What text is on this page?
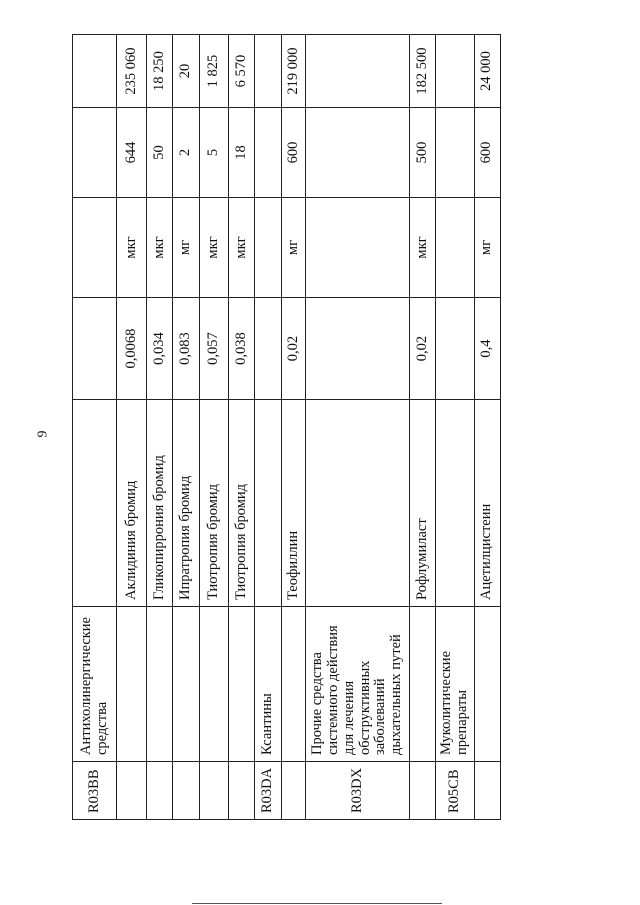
9
R03BB	Антихолинергические средства					
		Аклидиния бромид	0,0068	мкг	644	235 060
		Гликопиррония бромид	0,034	мкг	50	18 250
		Ипратропия бромид	0,083	мг	2	20
		Тиотропия бромид	0,057	мкг	5	1 825
		Тиотропия бромид	0,038	мкг	18	6 570
R03DA	Ксантины					
		Теофиллин	0,02	мг	600	219 000
R03DX	Прочие средства системного действия для лечения обструктивных заболеваний дыхательных путей					
		Рофлумиласт	0,02	мкг	500	182 500
R05CB	Муколитические препараты					
		Ацетилцистеин	0,4	мг	600	24 000
